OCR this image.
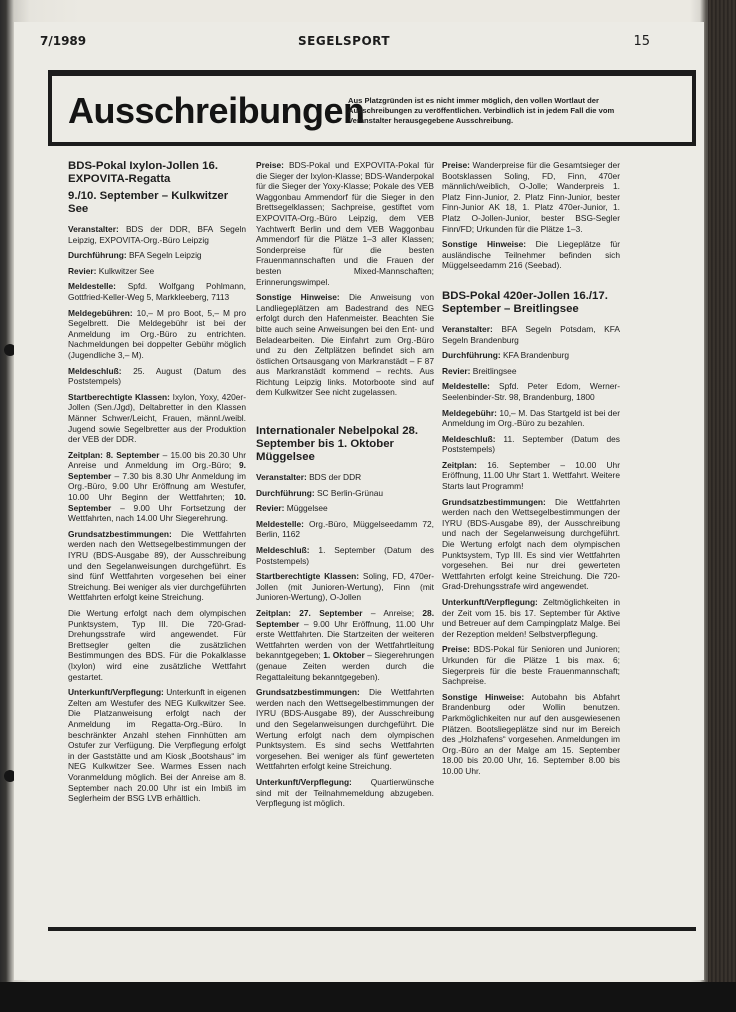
7/1989	SEGELSPORT	15
Ausschreibungen
Aus Platzgründen ist es nicht immer möglich, den vollen Wortlaut der Ausschreibungen zu veröffentlichen. Verbindlich ist in jedem Fall die vom Veranstalter herausgegebene Ausschreibung.
BDS-Pokal Ixylon-Jollen 16. EXPOVITA-Regatta
9./10. September – Kulkwitzer See
Veranstalter: BDS der DDR, BFA Segeln Leipzig, EXPOVITA-Org.-Büro Leipzig
Durchführung: BFA Segeln Leipzig
Revier: Kulkwitzer See
Meldestelle: Spfd. Wolfgang Pohlmann, Gottfried-Keller-Weg 5, Markkleeberg, 7113
Meldegebühren: 10,– M pro Boot, 5,– M pro Segelbrett. Die Meldegebühr ist bei der Anmeldung im Org.-Büro zu entrichten. Nachmeldungen bei doppelter Gebühr möglich (Jugendliche 3,– M).
Meldeschluß: 25. August (Datum des Poststempels)
Startberechtigte Klassen: Ixylon, Yoxy, 420er-Jollen (Sen./Jgd), Deltabretter in den Klassen Männer Schwer/Leicht, Frauen, männl./weibl. Jugend sowie Segelbretter aus der Produktion der VEB der DDR.
Zeitplan: 8. September – 15.00 bis 20.30 Uhr Anreise und Anmeldung im Org.-Büro; 9. September – 7.30 bis 8.30 Uhr Anmeldung im Org.-Büro, 9.00 Uhr Eröffnung am Westufer, 10.00 Uhr Beginn der Wettfahrten; 10. September – 9.00 Uhr Fortsetzung der Wettfahrten, nach 14.00 Uhr Siegerehrung.
Grundsatzbestimmungen: Die Wettfahrten werden nach den Wettsegelbestimmungen der IYRU (BDS-Ausgabe 89), der Ausschreibung und den Segelanweisungen durchgeführt. Es sind fünf Wettfahrten vorgesehen bei einer Streichung. Bei weniger als vier durchgeführten Wettfahrten erfolgt keine Streichung.
Die Wertung erfolgt nach dem olympischen Punktsystem, Typ III. Die 720-Grad-Drehungsstrafe wird angewendet. Für Brettsegler gelten die zusätzlichen Bestimmungen des BDS. Für die Pokalklasse (Ixylon) wird eine zusätzliche Wettfahrt gestartet.
Unterkunft/Verpflegung: Unterkunft in eigenen Zelten am Westufer des NEG Kulkwitzer See. Die Platzanweisung erfolgt nach der Anmeldung im Regatta-Org.-Büro. In beschränkter Anzahl stehen Finnhütten am Ostufer zur Verfügung. Die Verpflegung erfolgt in der Gaststätte und am Kiosk „Bootshaus“ im NEG Kulkwitzer See. Warmes Essen nach Voranmeldung möglich. Bei der Anreise am 8. September nach 20.00 Uhr ist ein Imbiß im Seglerheim der BSG LVB erhältlich.
Preise: BDS-Pokal und EXPOVITA-Pokal für die Sieger der Ixylon-Klasse; BDS-Wanderpokal für die Sieger der Yoxy-Klasse; Pokale des VEB Waggonbau Ammendorf für die Sieger in den Brettsegelklassen; Sachpreise, gestiftet vom EXPOVITA-Org.-Büro Leipzig, dem VEB Yachtwerft Berlin und dem VEB Waggonbau Ammendorf für die Plätze 1–3 aller Klassen; Sonderpreise für die besten Frauenmannschaften und die Frauen der besten Mixed-Mannschaften; Erinnerungswimpel.
Sonstige Hinweise: Die Anweisung von Landliegeplätzen am Badestrand des NEG erfolgt durch den Hafenmeister. Beachten Sie bitte auch seine Anweisungen bei den Ent- und Beladearbeiten. Die Einfahrt zum Org.-Büro und zu den Zeltplätzen befindet sich am östlichen Ortsausgang von Markranstädt – F 87 aus Markranstädt kommend – rechts. Aus Richtung Leipzig links. Motorboote sind auf dem Kulkwitzer See nicht zugelassen.
Internationaler Nebelpokal 28. September bis 1. Oktober Müggelsee
Veranstalter: BDS der DDR
Durchführung: SC Berlin-Grünau
Revier: Müggelsee
Meldestelle: Org.-Büro, Müggelseedamm 72, Berlin, 1162
Meldeschluß: 1. September (Datum des Poststempels)
Startberechtigte Klassen: Soling, FD, 470er-Jollen (mit Junioren-Wertung), Finn (mit Junioren-Wertung), O-Jollen
Zeitplan: 27. September – Anreise; 28. September – 9.00 Uhr Eröffnung, 11.00 Uhr erste Wettfahrten. Die Startzeiten der weiteren Wettfahrten werden von der Wettfahrtleitung bekanntgegeben; 1. Oktober – Siegerehrungen (genaue Zeiten werden durch die Regattaleitung bekanntgegeben).
Grundsatzbestimmungen: Die Wettfahrten werden nach den Wettsegelbestimmungen der IYRU (BDS-Ausgabe 89), der Ausschreibung und den Segelanweisungen durchgeführt. Die Wertung erfolgt nach dem olympischen Punktsystem. Es sind sechs Wettfahrten vorgesehen. Bei weniger als fünf gewerteten Wettfahrten erfolgt keine Streichung.
Unterkunft/Verpflegung: Quartierwünsche sind mit der Teilnahmemeldung abzugeben. Verpflegung ist möglich.
Preise: Wanderpreise für die Gesamtsieger der Bootsklassen Soling, FD, Finn, 470er männlich/weiblich, O-Jolle; Wanderpreis 1. Platz Finn-Junior, 2. Platz Finn-Junior, bester Finn-Junior AK 18, 1. Platz 470er-Junior, 1. Platz O-Jollen-Junior, bester BSG-Segler Finn/FD; Urkunden für die Plätze 1–3.
Sonstige Hinweise: Die Liegeplätze für ausländische Teilnehmer befinden sich Müggelseedamm 216 (Seebad).
BDS-Pokal 420er-Jollen 16./17. September – Breitlingsee
Veranstalter: BFA Segeln Potsdam, KFA Segeln Brandenburg
Durchführung: KFA Brandenburg
Revier: Breitlingsee
Meldestelle: Spfd. Peter Edom, Werner-Seelenbinder-Str. 98, Brandenburg, 1800
Meldegebühr: 10,– M. Das Startgeld ist bei der Anmeldung im Org.-Büro zu bezahlen.
Meldeschluß: 11. September (Datum des Poststempels)
Zeitplan: 16. September – 10.00 Uhr Eröffnung, 11.00 Uhr Start 1. Wettfahrt. Weitere Starts laut Programm!
Grundsatzbestimmungen: Die Wettfahrten werden nach den Wettsegelbestimmungen der IYRU (BDS-Ausgabe 89), der Ausschreibung und nach der Segelanweisung durchgeführt. Die Wertung erfolgt nach dem olympischen Punktsystem, Typ III. Es sind vier Wettfahrten vorgesehen. Bei nur drei gewerteten Wettfahrten erfolgt keine Streichung. Die 720-Grad-Drehungsstrafe wird angewendet.
Unterkunft/Verpflegung: Zeltmöglichkeiten in der Zeit vom 15. bis 17. September für Aktive und Betreuer auf dem Campingplatz Malge. Bei der Rezeption melden! Selbstverpflegung.
Preise: BDS-Pokal für Senioren und Junioren; Urkunden für die Plätze 1 bis max. 6; Siegerpreis für die beste Frauenmannschaft; Sachpreise.
Sonstige Hinweise: Autobahn bis Abfahrt Brandenburg oder Wollin benutzen. Parkmöglichkeiten nur auf den ausgewiesenen Plätzen. Bootsliegeplätze sind nur im Bereich des „Holzhafens“ vorgesehen. Anmeldungen im Org.-Büro an der Malge am 15. September 18.00 bis 20.00 Uhr, 16. September 8.00 bis 10.00 Uhr.
